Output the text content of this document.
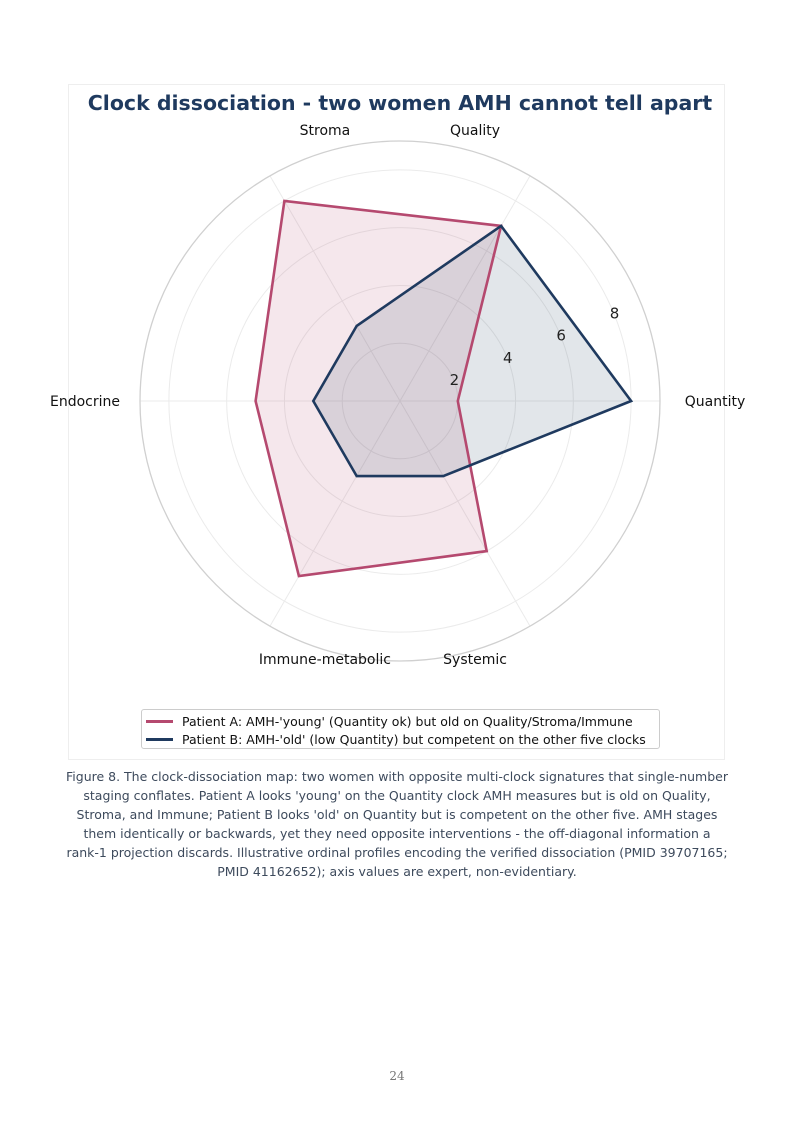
Clock dissociation - two women AMH cannot tell apart
2
4
6
8
Quantity
Quality
Stroma
Endocrine
Immune-metabolic	Systemic
Patient A: AMH-'young' (Quantity ok) but old on Quality/Stroma/Immune
Patient B: AMH-'old' (low Quantity) but competent on the other five clocks
Figure 8. The clock-dissociation map: two women with opposite multi-clock signatures that single-number staging conflates. Patient A looks 'young' on the Quantity clock AMH measures but is old on Quality, Stroma, and Immune; Patient B looks 'old' on Quantity but is competent on the other five. AMH stages them identically or backwards, yet they need opposite interventions - the off-diagonal information a rank-1 projection discards. Illustrative ordinal profiles encoding the verified dissociation (PMID 39707165; PMID 41162652); axis values are expert, non-evidentiary.
24
